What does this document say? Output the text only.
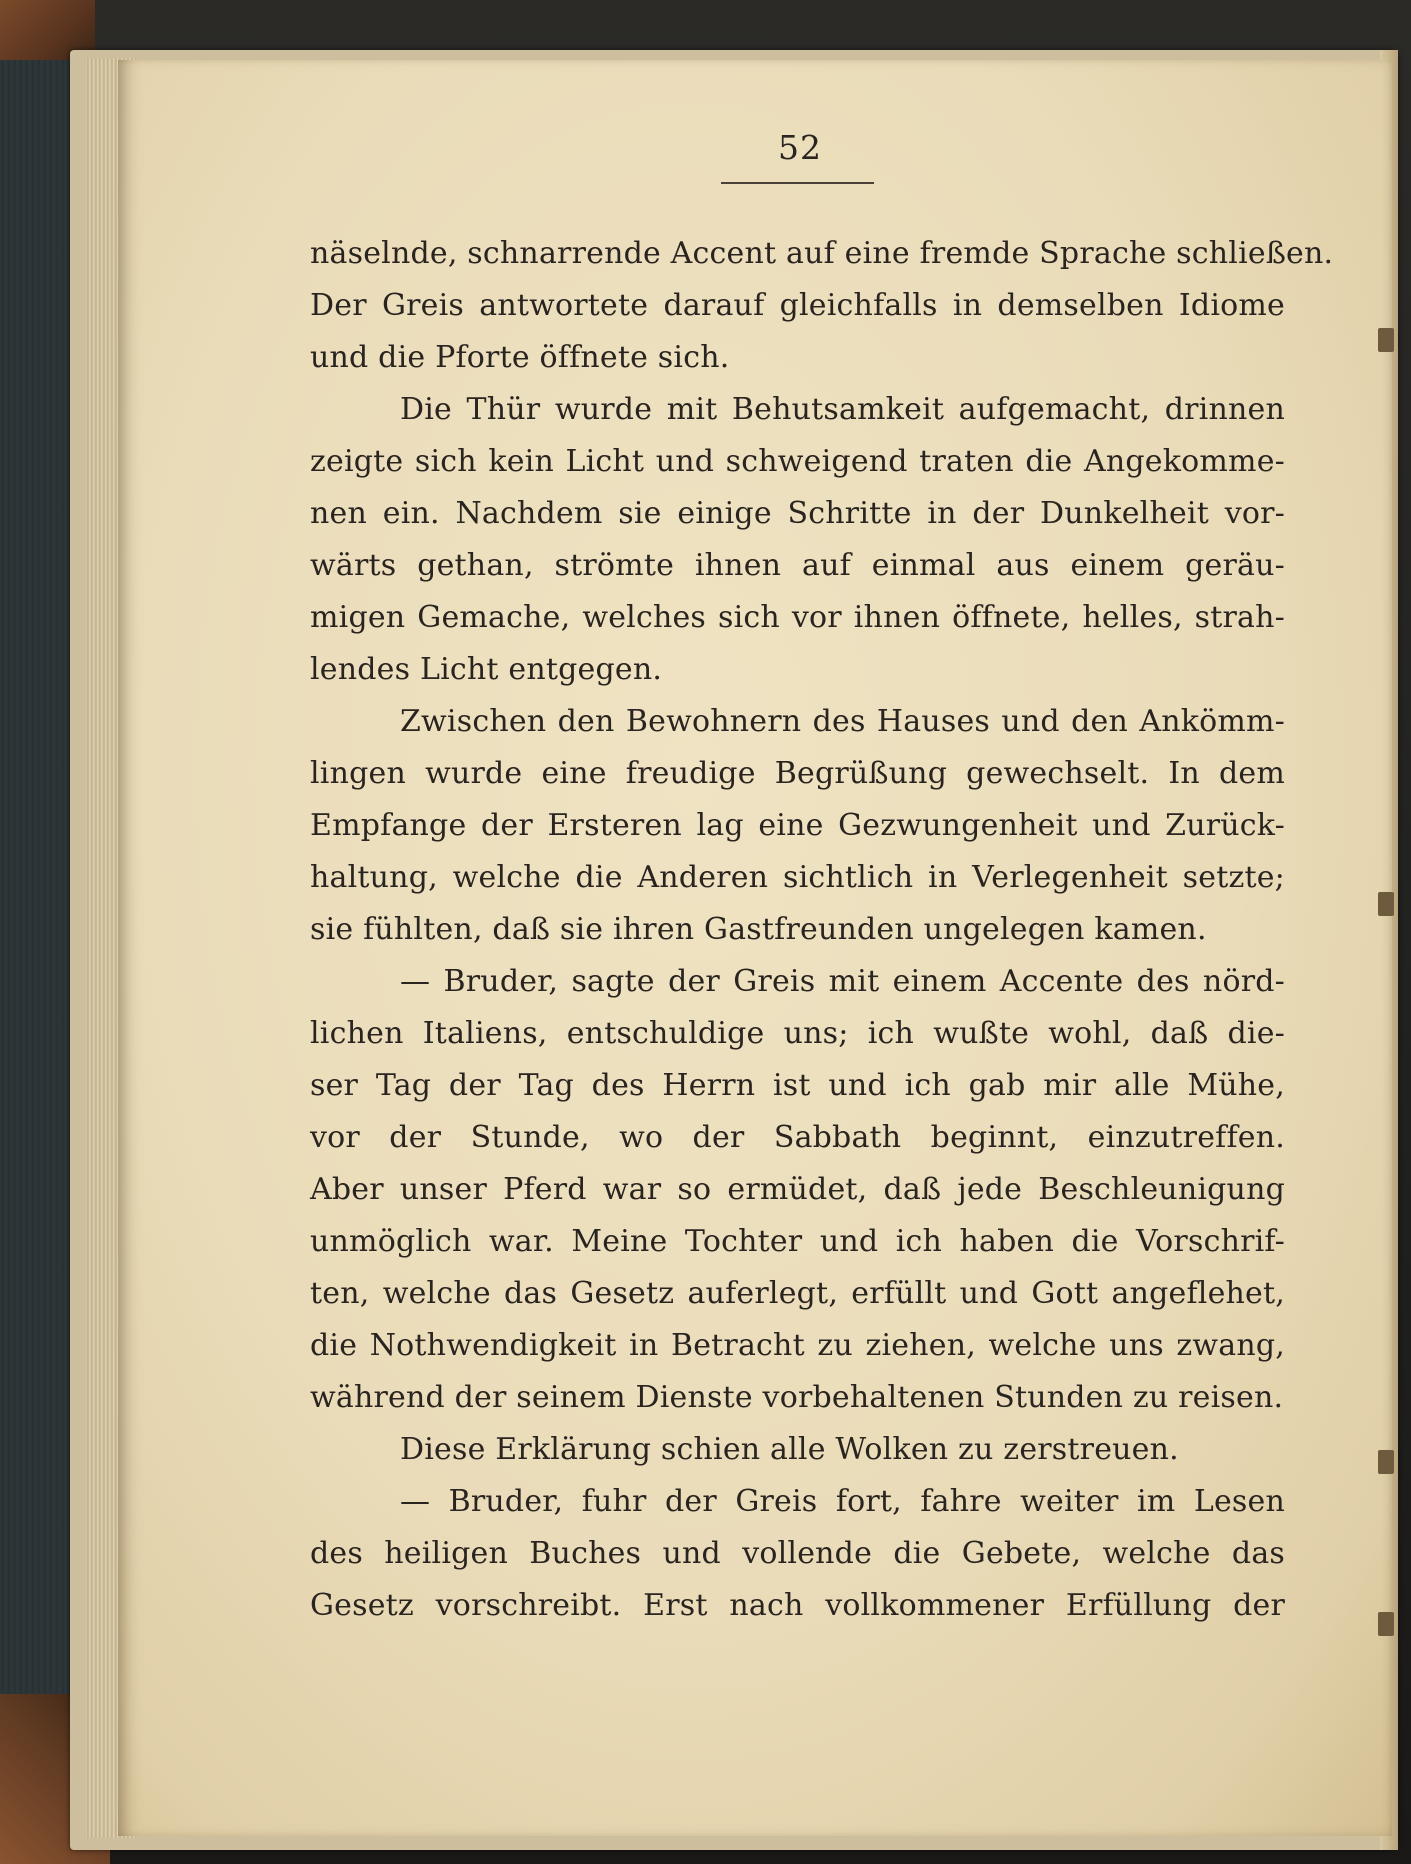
52
näselnde, schnarrende Accent auf eine fremde Sprache schließen.
Der Greis antwortete darauf gleichfalls in demselben Idiome
und die Pforte öffnete sich.
Die Thür wurde mit Behutsamkeit aufgemacht, drinnen
zeigte sich kein Licht und schweigend traten die Angekomme-
nen ein. Nachdem sie einige Schritte in der Dunkelheit vor-
wärts gethan, strömte ihnen auf einmal aus einem geräu-
migen Gemache, welches sich vor ihnen öffnete, helles, strah-
lendes Licht entgegen.
Zwischen den Bewohnern des Hauses und den Ankömm-
lingen wurde eine freudige Begrüßung gewechselt. In dem
Empfange der Ersteren lag eine Gezwungenheit und Zurück-
haltung, welche die Anderen sichtlich in Verlegenheit setzte;
sie fühlten, daß sie ihren Gastfreunden ungelegen kamen.
— Bruder, sagte der Greis mit einem Accente des nörd-
lichen Italiens, entschuldige uns; ich wußte wohl, daß die-
ser Tag der Tag des Herrn ist und ich gab mir alle Mühe,
vor der Stunde, wo der Sabbath beginnt, einzutreffen.
Aber unser Pferd war so ermüdet, daß jede Beschleunigung
unmöglich war. Meine Tochter und ich haben die Vorschrif-
ten, welche das Gesetz auferlegt, erfüllt und Gott angeflehet,
die Nothwendigkeit in Betracht zu ziehen, welche uns zwang,
während der seinem Dienste vorbehaltenen Stunden zu reisen.
Diese Erklärung schien alle Wolken zu zerstreuen.
— Bruder, fuhr der Greis fort, fahre weiter im Lesen
des heiligen Buches und vollende die Gebete, welche das
Gesetz vorschreibt. Erst nach vollkommener Erfüllung der
